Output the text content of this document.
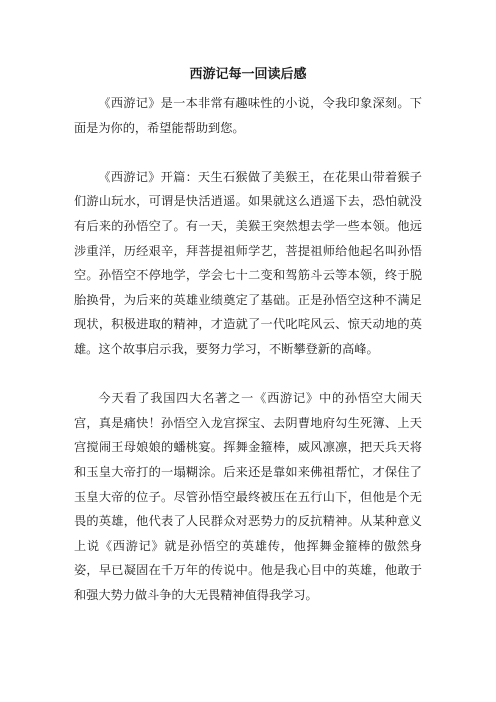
西游记每一回读后感

《西游记》是一本非常有趣味性的小说，令我印象深刻。下面是为你的，希望能帮助到您。

《西游记》开篇：天生石猴做了美猴王，在花果山带着猴子们游山玩水，可谓是快活逍遥。如果就这么逍遥下去，恐怕就没有后来的孙悟空了。有一天，美猴王突然想去学一些本领。他远涉重洋，历经艰辛，拜菩提祖师学艺，菩提祖师给他起名叫孙悟空。孙悟空不停地学，学会七十二变和驾筋斗云等本领，终于脱胎换骨，为后来的英雄业绩奠定了基础。正是孙悟空这种不满足现状，积极进取的精神，才造就了一代叱咤风云、惊天动地的英雄。这个故事启示我，要努力学习，不断攀登新的高峰。

今天看了我国四大名著之一《西游记》中的孙悟空大闹天宫，真是痛快！孙悟空入龙宫探宝、去阴曹地府勾生死簿、上天宫搅闹王母娘娘的蟠桃宴。挥舞金箍棒，威风凛凛，把天兵天将和玉皇大帝打的一塌糊涂。后来还是靠如来佛祖帮忙，才保住了玉皇大帝的位子。尽管孙悟空最终被压在五行山下，但他是个无畏的英雄，他代表了人民群众对恶势力的反抗精神。从某种意义上说《西游记》就是孙悟空的英雄传，他挥舞金箍棒的傲然身姿，早已凝固在千万年的传说中。他是我心目中的英雄，他敢于和强大势力做斗争的大无畏精神值得我学习。
